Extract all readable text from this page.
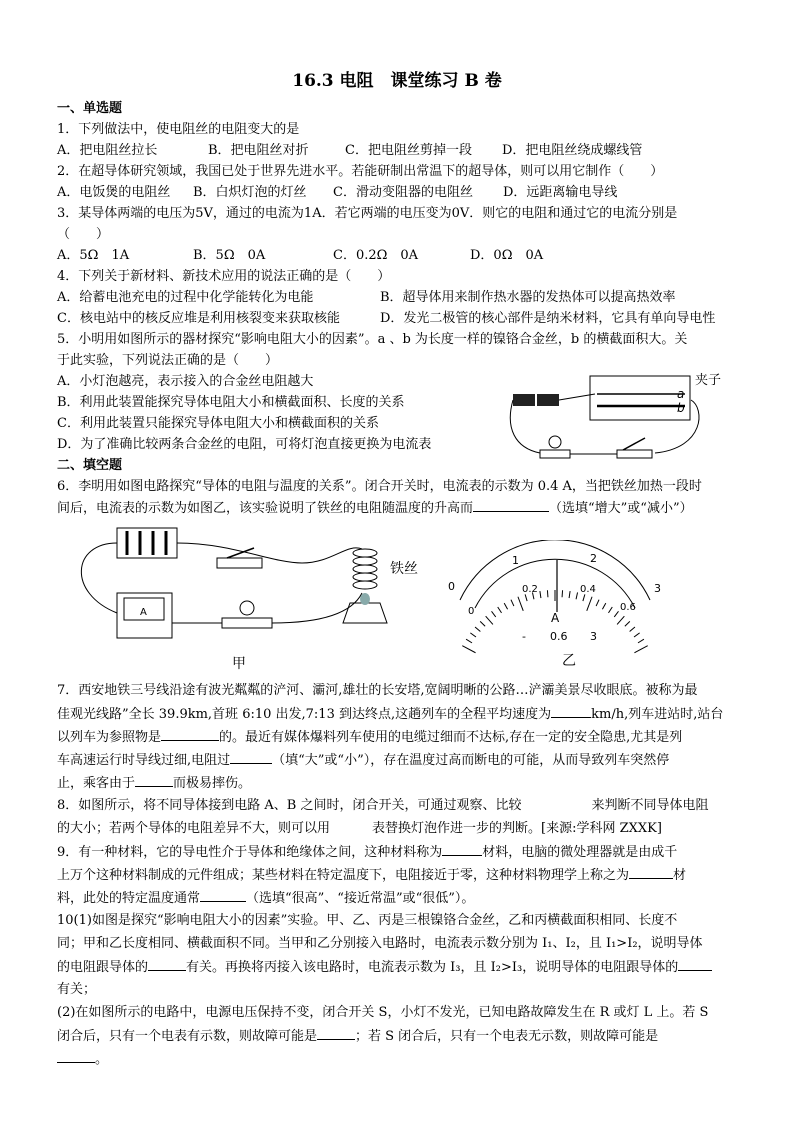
16.3 电阻　课堂练习 B 卷
一、单选题
1．下列做法中，使电阻丝的电阻变大的是
A．把电阻丝拉长	B．把电阻丝对折	C．把电阻丝剪掉一段 D．把电阻丝绕成螺线管
2．在超导体研究领域，我国已处于世界先进水平。若能研制出常温下的超导体，则可以用它制作（　　）
A．电饭煲的电阻丝 B．白炽灯泡的灯丝 C．滑动变阻器的电阻丝 D．远距离输电导线
3．某导体两端的电压为5V，通过的电流为1A．若它两端的电压变为0V．则它的电阻和通过它的电流分别是
（　　）
A．5Ω　1A	B．5Ω　0A	C．0.2Ω　0A	D．0Ω　0A
4．下列关于新材料、新技术应用的说法正确的是（　　）
A．给蓄电池充电的过程中化学能转化为电能	B．超导体用来制作热水器的发热体可以提高热效率
C．核电站中的核反应堆是利用核裂变来获取核能	D．发光二极管的核心部件是纳米材料，它具有单向导电性
5．小明用如图所示的器材探究“影响电阻大小的因素”。a 、b 为长度一样的镍铬合金丝，b 的横截面积大。关
于此实验，下列说法正确的是（　　）
A．小灯泡越亮，表示接入的合金丝电阻越大
B．利用此装置能探究导体电阻大小和横截面积、长度的关系
C．利用此装置只能探究导体电阻大小和横截面积的关系
D．为了准确比较两条合金丝的电阻，可将灯泡直接更换为电流表
a
b
夹子
二、填空题
6．李明用如图电路探究“导体的电阻与温度的关系”。闭合开关时，电流表的示数为 0.4 A，当把铁丝加热一段时
间后，电流表的示数为如图乙，该实验说明了铁丝的电阻随温度的升高而	（选填“增大”或“减小”）
A
铁丝
甲
0
1	2
3
0
0.2	0.4
0.6
A
- 0.6 3
乙
7．西安地铁三号线沿途有波光粼粼的浐河、灞河,雄壮的长安塔,宽阔明晰的公路…浐灞美景尽收眼底。被称为最
佳观光线路”全长 39.9km,首班 6:10 出发,7:13 到达终点,这趟列车的全程平均速度为	km/h,列车进站时,站台
以列车为参照物是	的。最近有媒体爆料列车使用的电缆过细而不达标,存在一定的安全隐患,尤其是列
车高速运行时导线过细,电阻过	（填“大”或“小”），存在温度过高而断电的可能，从而导致列车突然停
止，乘客由于	而极易摔伤。
8．如图所示，将不同导体接到电路 A、B 之间时，闭合开关，可通过观察、比较	来判断不同导体电阻
的大小；若两个导体的电阻差异不大，则可以用	表替换灯泡作进一步的判断。[来源:学科网 ZXXK]
9．有一种材料，它的导电性介于导体和绝缘体之间，这种材料称为	材料，电脑的微处理器就是由成千
上万个这种材料制成的元件组成；某些材料在特定温度下，电阻接近于零，这种材料物理学上称之为	材
料，此处的特定温度通常	（选填“很高”、“接近常温”或“很低”）。
10(1)如图是探究“影响电阻大小的因素”实验。甲、乙、丙是三根镍铬合金丝，乙和丙横截面积相同、长度不
同；甲和乙长度相同、横截面积不同。当甲和乙分别接入电路时，电流表示数分别为 I₁、I₂，且 I₁>I₂，说明导体
的电阻跟导体的	有关。再换将丙接入该电路时，电流表示数为 I₃，且 I₂>I₃，说明导体的电阻跟导体的
有关；
(2)在如图所示的电路中，电源电压保持不变，闭合开关 S，小灯不发光，已知电路故障发生在 R 或灯 L 上。若 S
闭合后，只有一个电表有示数，则故障可能是	；若 S 闭合后，只有一个电表无示数，则故障可能是
。
